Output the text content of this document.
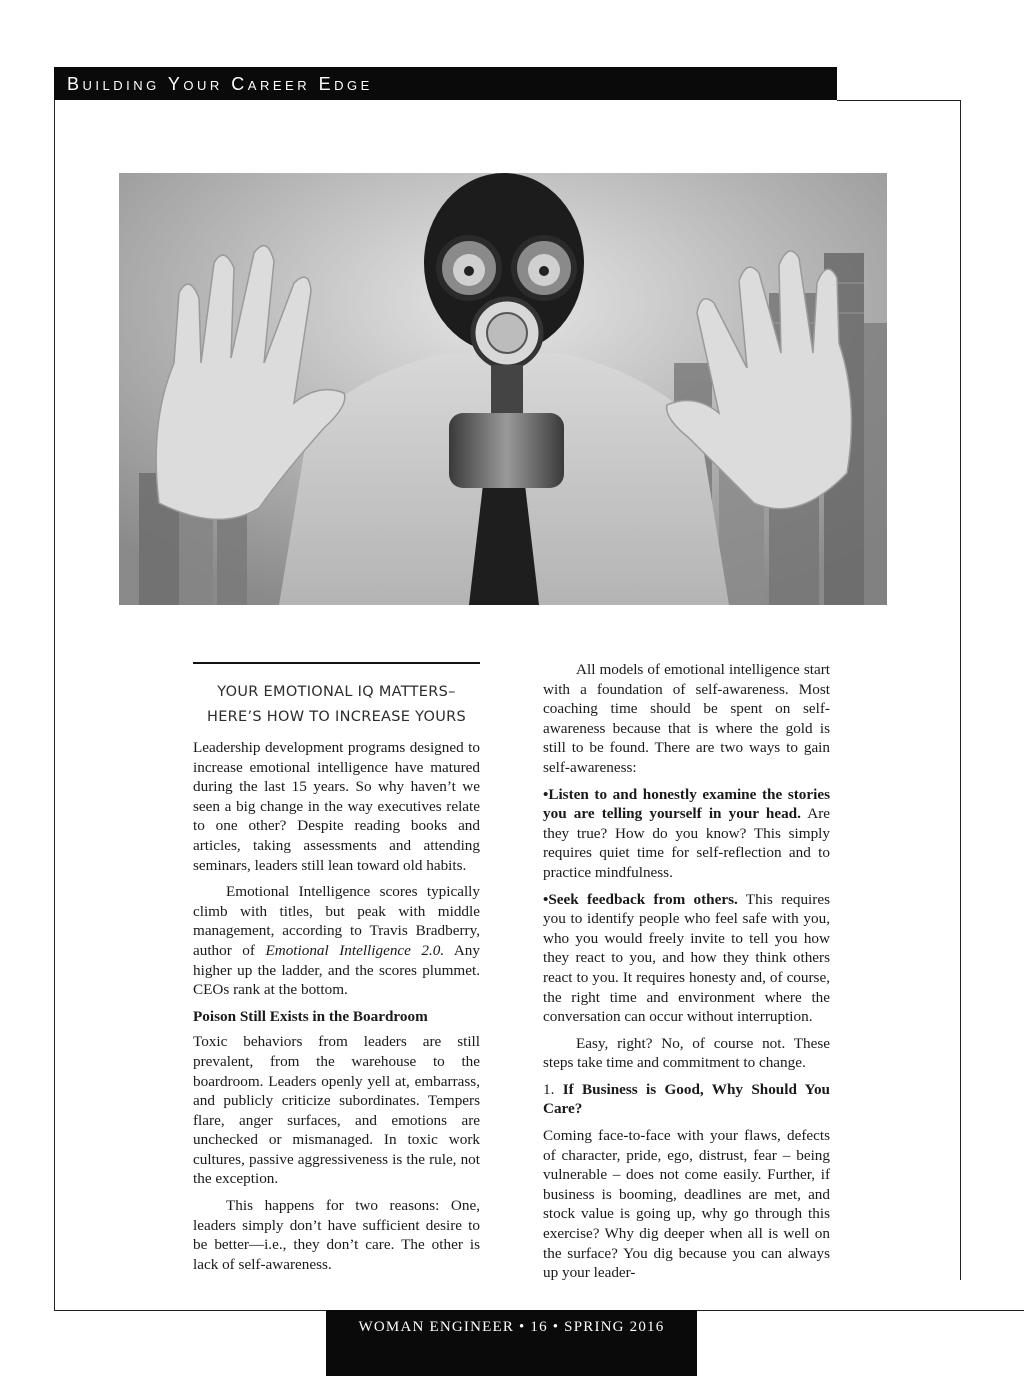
Building Your Career Edge
YOUR EMOTIONAL IQ MATTERS–
HERE’S HOW TO INCREASE YOURS

Leadership development programs designed to increase emotional intelligence have matured during the last 15 years. So why haven’t we seen a big change in the way executives relate to one other? Despite reading books and articles, taking assessments and attending seminars, leaders still lean toward old habits.

Emotional Intelligence scores typically climb with titles, but peak with middle management, according to Travis Bradberry, author of Emotional Intelligence 2.0. Any higher up the ladder, and the scores plummet. CEOs rank at the bottom.

Poison Still Exists in the Boardroom

Toxic behaviors from leaders are still prevalent, from the warehouse to the boardroom. Leaders openly yell at, embarrass, and publicly criticize subordinates. Tempers flare, anger surfaces, and emotions are unchecked or mismanaged. In toxic work cultures, passive aggressiveness is the rule, not the exception.

This happens for two reasons: One, leaders simply don’t have sufficient desire to be better—i.e., they don’t care. The other is lack of self-awareness.

All models of emotional intelligence start with a foundation of self-awareness. Most coaching time should be spent on self-awareness because that is where the gold is still to be found. There are two ways to gain self-awareness:

•Listen to and honestly examine the stories you are telling yourself in your head. Are they true? How do you know? This simply requires quiet time for self-reflection and to practice mindfulness.

•Seek feedback from others. This requires you to identify people who feel safe with you, who you would freely invite to tell you how they react to you, and how they think others react to you. It requires honesty and, of course, the right time and environment where the conversation can occur without interruption.

Easy, right? No, of course not. These steps take time and commitment to change.

1. If Business is Good, Why Should You Care?

Coming face-to-face with your flaws, defects of character, pride, ego, distrust, fear – being vulnerable – does not come easily. Further, if business is booming, deadlines are met, and stock value is going up, why go through this exercise? Why dig deeper when all is well on the surface? You dig because you can always up your leader-

WOMAN ENGINEER • 16 • SPRING 2016
